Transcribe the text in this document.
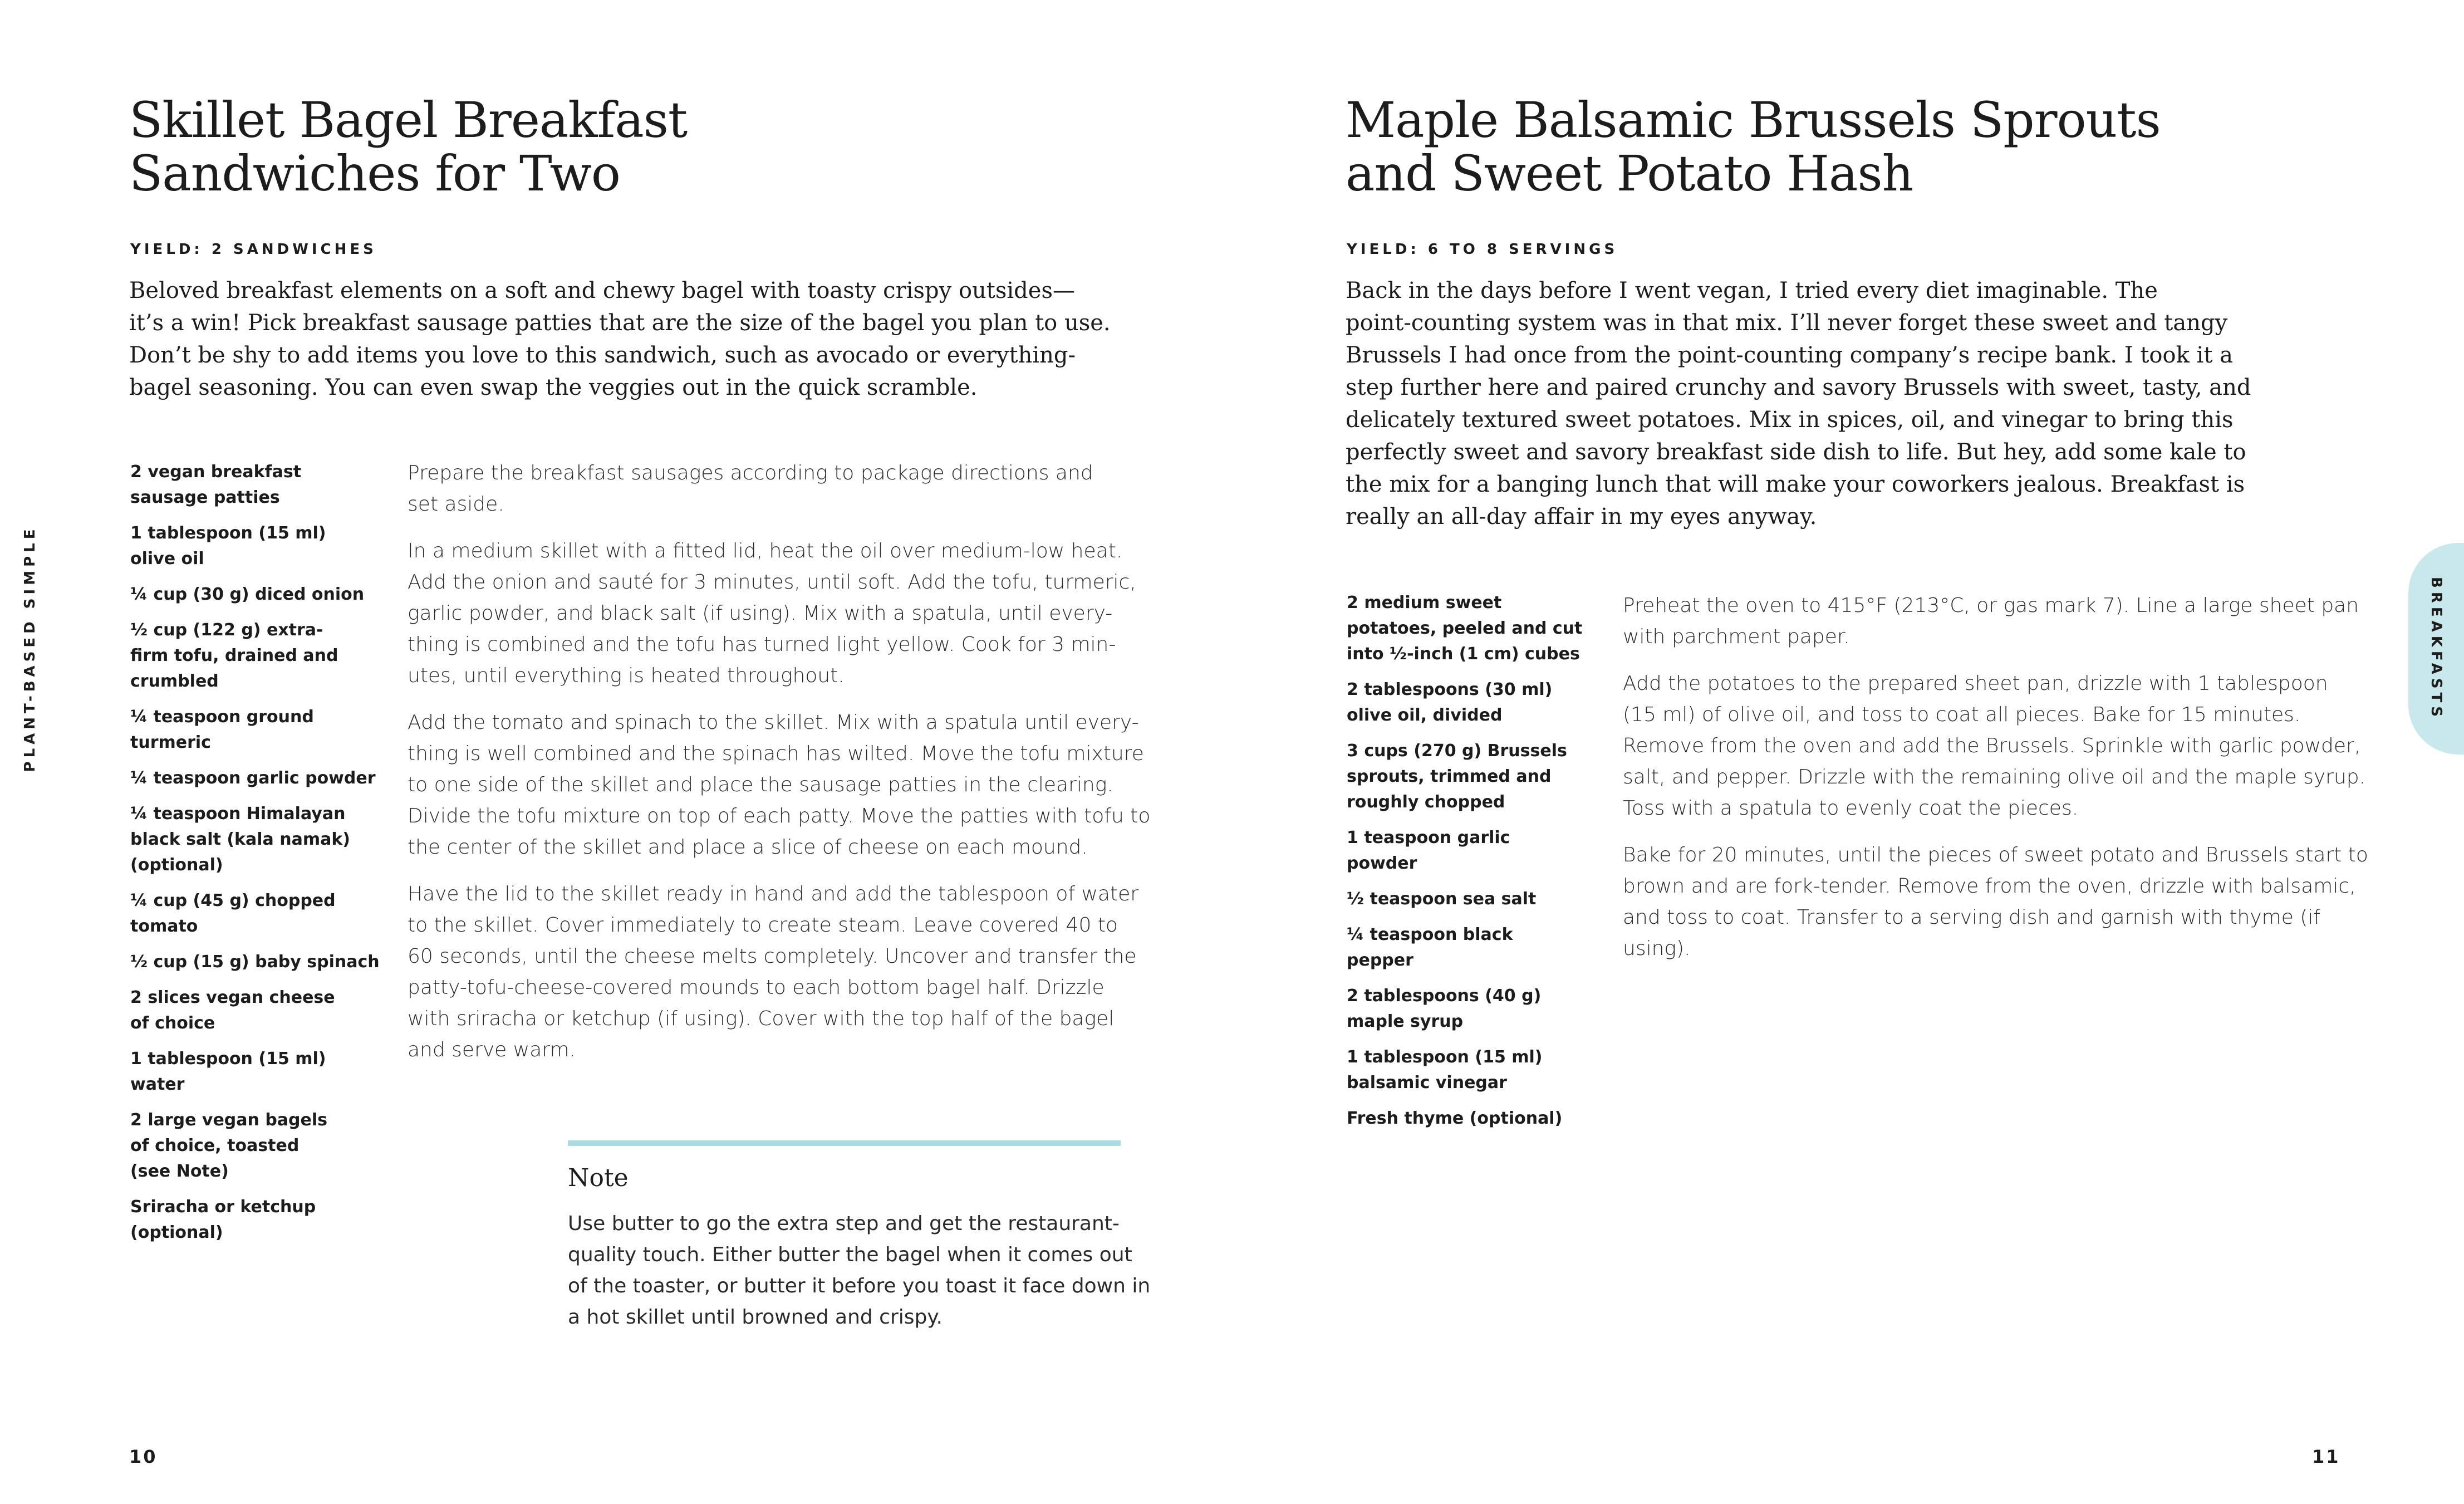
Skillet Bagel Breakfast
Sandwiches for Two
YIELD: 2 SANDWICHES
Beloved breakfast elements on a soft and chewy bagel with toasty crispy outsides—
it’s a win! Pick breakfast sausage patties that are the size of the bagel you plan to use.
Don’t be shy to add items you love to this sandwich, such as avocado or everything-
bagel seasoning. You can even swap the veggies out in the quick scramble.
2 vegan breakfast
sausage patties
1 tablespoon (15 ml)
olive oil
¼ cup (30 g) diced onion
½ cup (122 g) extra-
firm tofu, drained and
crumbled
¼ teaspoon ground
turmeric
¼ teaspoon garlic powder
¼ teaspoon Himalayan
black salt (kala namak)
(optional)
¼ cup (45 g) chopped
tomato
½ cup (15 g) baby spinach
2 slices vegan cheese
of choice
1 tablespoon (15 ml)
water
2 large vegan bagels
of choice, toasted
(see Note)
Sriracha or ketchup
(optional)

Prepare the breakfast sausages according to package directions and
set aside.

In a medium skillet with a fitted lid, heat the oil over medium-low heat.
Add the onion and sauté for 3 minutes, until soft. Add the tofu, turmeric,
garlic powder, and black salt (if using). Mix with a spatula, until every-
thing is combined and the tofu has turned light yellow. Cook for 3 min-
utes, until everything is heated throughout.

Add the tomato and spinach to the skillet. Mix with a spatula until every-
thing is well combined and the spinach has wilted. Move the tofu mixture
to one side of the skillet and place the sausage patties in the clearing.
Divide the tofu mixture on top of each patty. Move the patties with tofu to
the center of the skillet and place a slice of cheese on each mound.

Have the lid to the skillet ready in hand and add the tablespoon of water
to the skillet. Cover immediately to create steam. Leave covered 40 to
60 seconds, until the cheese melts completely. Uncover and transfer the
patty-tofu-cheese-covered mounds to each bottom bagel half. Drizzle
with sriracha or ketchup (if using). Cover with the top half of the bagel
and serve warm.

Note
Use butter to go the extra step and get the restaurant-
quality touch. Either butter the bagel when it comes out
of the toaster, or butter it before you toast it face down in
a hot skillet until browned and crispy.
PLANT-BASED SIMPLE
10
Maple Balsamic Brussels Sprouts
and Sweet Potato Hash
YIELD: 6 TO 8 SERVINGS
Back in the days before I went vegan, I tried every diet imaginable. The
point-counting system was in that mix. I’ll never forget these sweet and tangy
Brussels I had once from the point-counting company’s recipe bank. I took it a
step further here and paired crunchy and savory Brussels with sweet, tasty, and
delicately textured sweet potatoes. Mix in spices, oil, and vinegar to bring this
perfectly sweet and savory breakfast side dish to life. But hey, add some kale to
the mix for a banging lunch that will make your coworkers jealous. Breakfast is
really an all-day affair in my eyes anyway.
2 medium sweet
potatoes, peeled and cut
into ½-inch (1 cm) cubes
2 tablespoons (30 ml)
olive oil, divided
3 cups (270 g) Brussels
sprouts, trimmed and
roughly chopped
1 teaspoon garlic
powder
½ teaspoon sea salt
¼ teaspoon black
pepper
2 tablespoons (40 g)
maple syrup
1 tablespoon (15 ml)
balsamic vinegar
Fresh thyme (optional)

Preheat the oven to 415°F (213°C, or gas mark 7). Line a large sheet pan
with parchment paper.

Add the potatoes to the prepared sheet pan, drizzle with 1 tablespoon
(15 ml) of olive oil, and toss to coat all pieces. Bake for 15 minutes.
Remove from the oven and add the Brussels. Sprinkle with garlic powder,
salt, and pepper. Drizzle with the remaining olive oil and the maple syrup.
Toss with a spatula to evenly coat the pieces.

Bake for 20 minutes, until the pieces of sweet potato and Brussels start to
brown and are fork-tender. Remove from the oven, drizzle with balsamic,
and toss to coat. Transfer to a serving dish and garnish with thyme (if
using).

BREAKFASTS
11
